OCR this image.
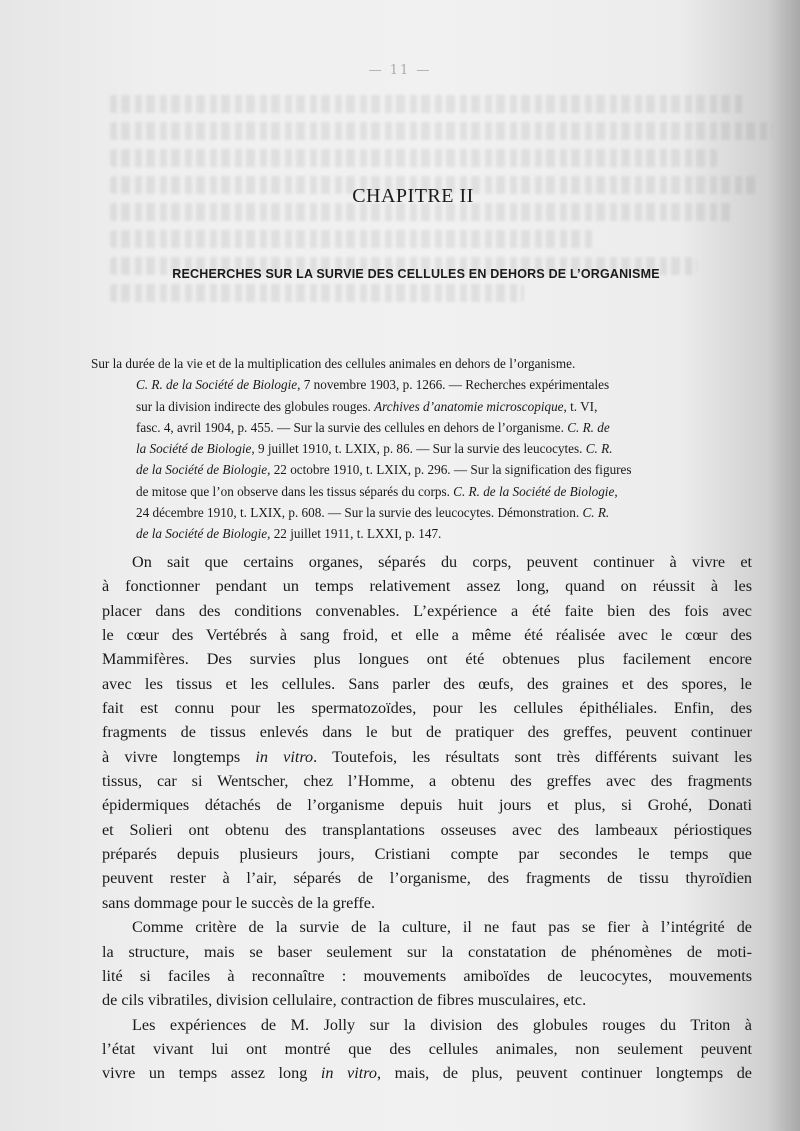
— 11 —
CHAPITRE II
RECHERCHES SUR LA SURVIE DES CELLULES EN DEHORS DE L’ORGANISME
Sur la durée de la vie et de la multiplication des cellules animales en dehors de l’organisme.
C. R. de la Société de Biologie, 7 novembre 1903, p. 1266. — Recherches expérimentales
sur la division indirecte des globules rouges. Archives d’anatomie microscopique, t. VI,
fasc. 4, avril 1904, p. 455. — Sur la survie des cellules en dehors de l’organisme. C. R. de
la Société de Biologie, 9 juillet 1910, t. LXIX, p. 86. — Sur la survie des leucocytes. C. R.
de la Société de Biologie, 22 octobre 1910, t. LXIX, p. 296. — Sur la signification des figures
de mitose que l’on observe dans les tissus séparés du corps. C. R. de la Société de Biologie,
24 décembre 1910, t. LXIX, p. 608. — Sur la survie des leucocytes. Démonstration. C. R.
de la Société de Biologie, 22 juillet 1911, t. LXXI, p. 147.
On sait que certains organes, séparés du corps, peuvent continuer à vivre et
à fonctionner pendant un temps relativement assez long, quand on réussit à les
placer dans des conditions convenables. L’expérience a été faite bien des fois avec
le cœur des Vertébrés à sang froid, et elle a même été réalisée avec le cœur des
Mammifères. Des survies plus longues ont été obtenues plus facilement encore
avec les tissus et les cellules. Sans parler des œufs, des graines et des spores, le
fait est connu pour les spermatozoïdes, pour les cellules épithéliales. Enfin, des
fragments de tissus enlevés dans le but de pratiquer des greffes, peuvent continuer
à vivre longtemps in vitro. Toutefois, les résultats sont très différents suivant les
tissus, car si Wentscher, chez l’Homme, a obtenu des greffes avec des fragments
épidermiques détachés de l’organisme depuis huit jours et plus, si Grohé, Donati
et Solieri ont obtenu des transplantations osseuses avec des lambeaux périostiques
préparés depuis plusieurs jours, Cristiani compte par secondes le temps que
peuvent rester à l’air, séparés de l’organisme, des fragments de tissu thyroïdien
sans dommage pour le succès de la greffe.
Comme critère de la survie de la culture, il ne faut pas se fier à l’intégrité de
la structure, mais se baser seulement sur la constatation de phénomènes de moti-
lité si faciles à reconnaître : mouvements amiboïdes de leucocytes, mouvements
de cils vibratiles, division cellulaire, contraction de fibres musculaires, etc.
Les expériences de M. Jolly sur la division des globules rouges du Triton à
l’état vivant lui ont montré que des cellules animales, non seulement peuvent
vivre un temps assez long in vitro, mais, de plus, peuvent continuer longtemps de
